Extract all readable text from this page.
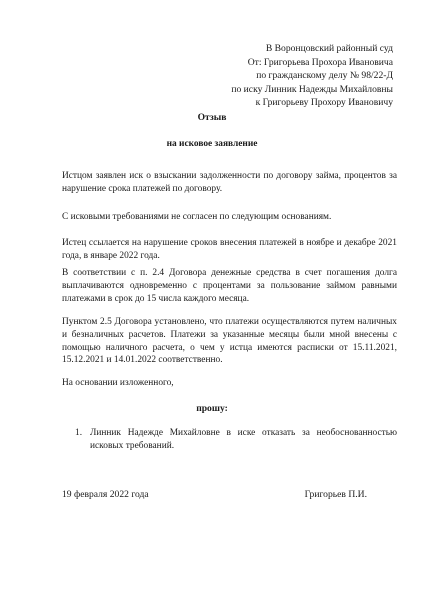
В Воронцовский районный суд
От: Григорьева Прохора Ивановича
по гражданскому делу № 98/22-Д
по иску Линник Надежды Михайловны
к Григорьеву Прохору Ивановичу
Отзыв
на исковое заявление
Истцом заявлен иск о взыскании задолженности по договору займа, процентов за нарушение срока платежей по договору.
С исковыми требованиями не согласен по следующим основаниям.
Истец ссылается на нарушение сроков внесения платежей в ноябре и декабре 2021 года, в январе 2022 года.
В соответствии с п. 2.4 Договора денежные средства в счет погашения долга выплачиваются одновременно с процентами за пользование займом равными платежами в срок до 15 числа каждого месяца.
Пунктом 2.5 Договора установлено, что платежи осуществляются путем наличных и безналичных расчетов. Платежи за указанные месяцы были мной внесены с помощью наличного расчета, о чем у истца имеются расписки от 15.11.2021, 15.12.2021 и 14.01.2022 соответственно.
На основании изложенного,
прошу:
1. Линник Надежде Михайловне в иске отказать за необоснованностью исковых требований.
19 февраля 2022 года	Григорьев П.И.
